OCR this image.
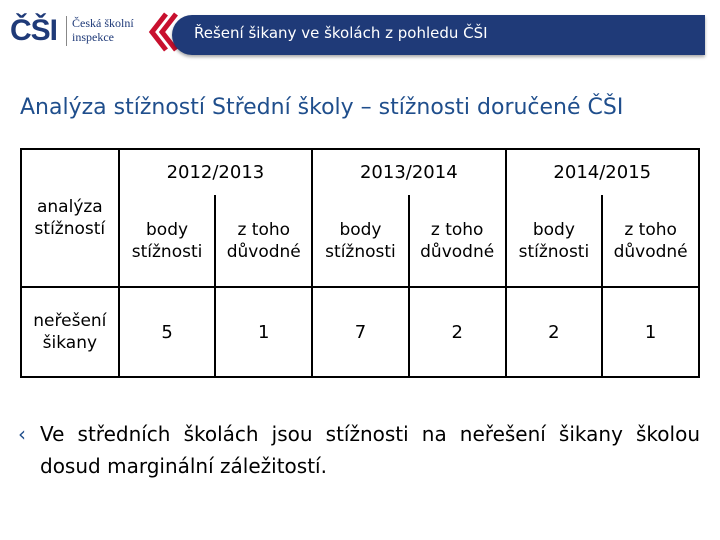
ČŠI Česká školní
inspekce	Řešení šikany ve školách z pohledu ČŠI
Analýza stížností Střední školy – stížnosti doručené ČŠI
analýza stížností	2012/2013		2013/2014		2014/2015	
	body stížnosti	z toho důvodné	body stížnosti	z toho důvodné	body stížnosti	z toho důvodné
neřešení šikany	5	1	7	2	2	1
‹ Ve středních školách jsou stížnosti na neřešení šikany školou dosud marginální záležitostí.
